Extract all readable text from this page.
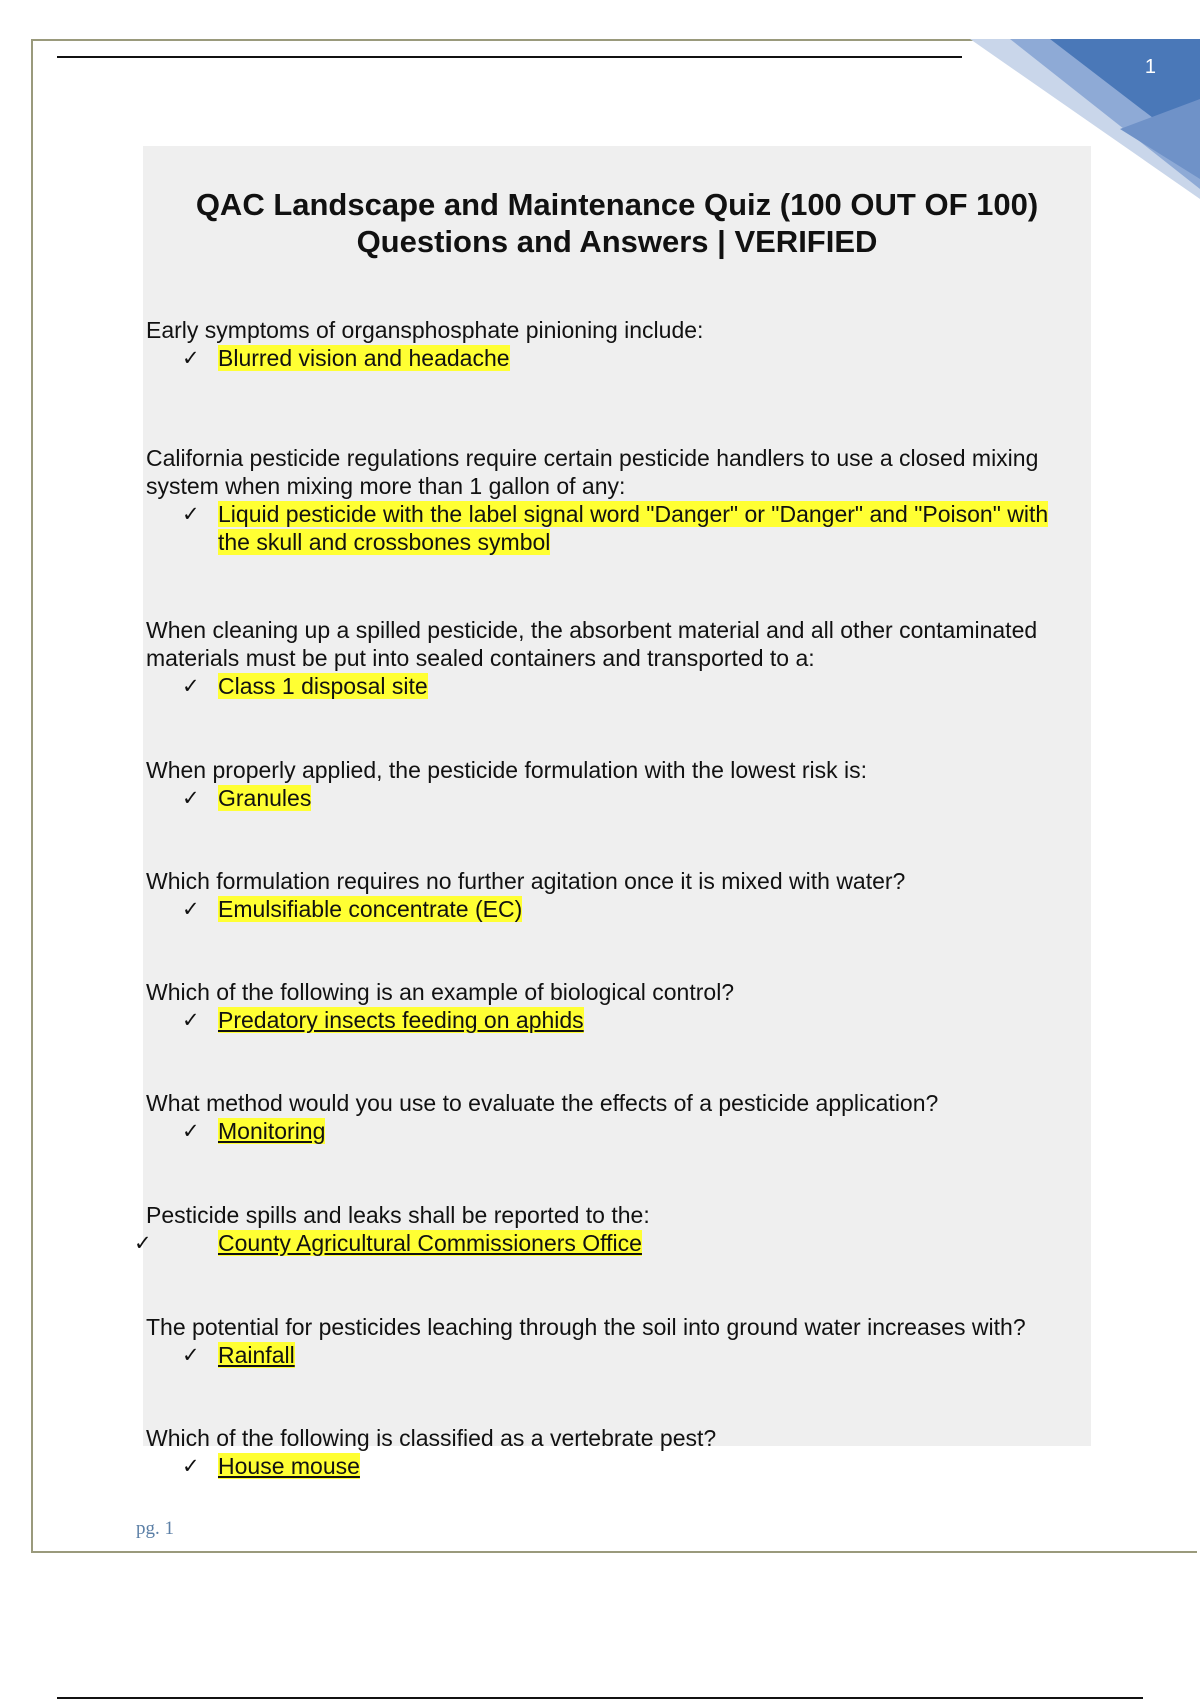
1
QAC Landscape and Maintenance Quiz (100 OUT OF 100)
Questions and Answers | VERIFIED
Early symptoms of organsphosphate pinioning include:
✓ Blurred vision and headache
California pesticide regulations require certain pesticide handlers to use a closed mixing system when mixing more than 1 gallon of any:
✓ Liquid pesticide with the label signal word "Danger" or "Danger" and "Poison" with the skull and crossbones symbol
When cleaning up a spilled pesticide, the absorbent material and all other contaminated materials must be put into sealed containers and transported to a:
✓ Class 1 disposal site
When properly applied, the pesticide formulation with the lowest risk is:
✓ Granules
Which formulation requires no further agitation once it is mixed with water?
✓ Emulsifiable concentrate (EC)
Which of the following is an example of biological control?
✓ Predatory insects feeding on aphids
What method would you use to evaluate the effects of a pesticide application?
✓ Monitoring
Pesticide spills and leaks shall be reported to the:
✓	County Agricultural Commissioners Office
The potential for pesticides leaching through the soil into ground water increases with?
✓ Rainfall
Which of the following is classified as a vertebrate pest?
✓ House mouse
pg. 1
